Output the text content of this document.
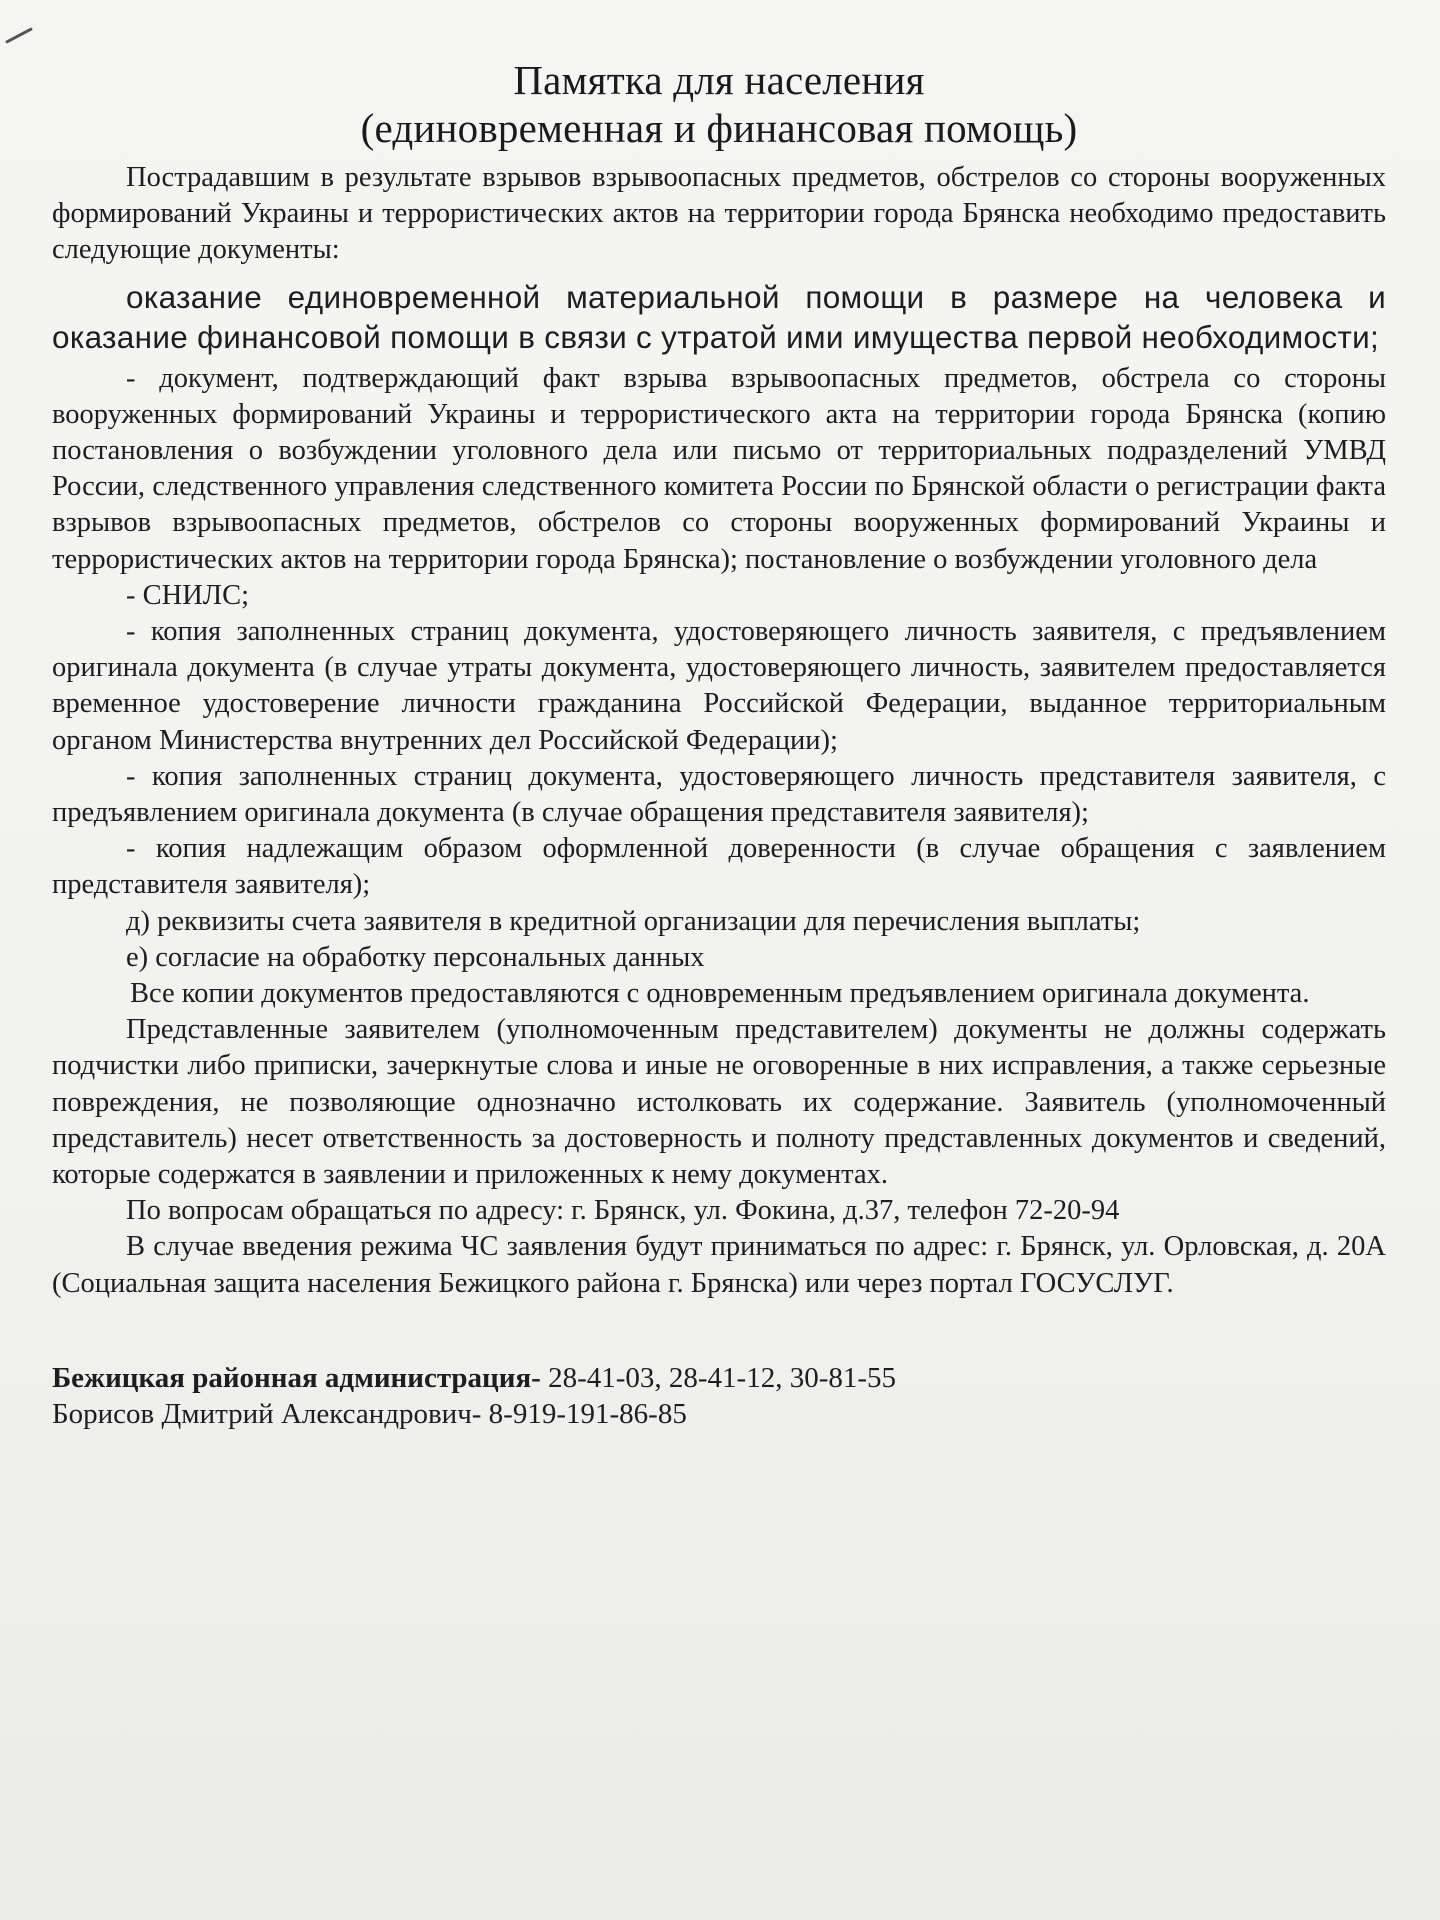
Памятка для населения
(единовременная и финансовая помощь)

Пострадавшим в результате взрывов взрывоопасных предметов, обстрелов со стороны вооруженных формирований Украины и террористических актов на территории города Брянска необходимо предоставить следующие документы:

оказание единовременной материальной помощи в размере на человека и оказание финансовой помощи в связи с утратой ими имущества первой необходимости;

- документ, подтверждающий факт взрыва взрывоопасных предметов, обстрела со стороны вооруженных формирований Украины и террористического акта на территории города Брянска (копию постановления о возбуждении уголовного дела или письмо от территориальных подразделений УМВД России, следственного управления следственного комитета России по Брянской области о регистрации факта взрывов взрывоопасных предметов, обстрелов со стороны вооруженных формирований Украины и террористических актов на территории города Брянска); постановление о возбуждении уголовного дела

- СНИЛС;

- копия заполненных страниц документа, удостоверяющего личность заявителя, с предъявлением оригинала документа (в случае утраты документа, удостоверяющего личность, заявителем предоставляется временное удостоверение личности гражданина Российской Федерации, выданное территориальным органом Министерства внутренних дел Российской Федерации);

- копия заполненных страниц документа, удостоверяющего личность представителя заявителя, с предъявлением оригинала документа (в случае обращения представителя заявителя);

- копия надлежащим образом оформленной доверенности (в случае обращения с заявлением представителя заявителя);

д) реквизиты счета заявителя в кредитной организации для перечисления выплаты;

е) согласие на обработку персональных данных

Все копии документов предоставляются с одновременным предъявлением оригинала документа.

Представленные заявителем (уполномоченным представителем) документы не должны содержать подчистки либо приписки, зачеркнутые слова и иные не оговоренные в них исправления, а также серьезные повреждения, не позволяющие однозначно истолковать их содержание. Заявитель (уполномоченный представитель) несет ответственность за достоверность и полноту представленных документов и сведений, которые содержатся в заявлении и приложенных к нему документах.

По вопросам обращаться по адресу: г. Брянск, ул. Фокина, д.37, телефон 72-20-94

В случае введения режима ЧС заявления будут приниматься по адрес: г. Брянск, ул. Орловская, д. 20А (Социальная защита населения Бежицкого района г. Брянска) или через портал ГОСУСЛУГ.

Бежицкая районная администрация- 28-41-03, 28-41-12, 30-81-55

Борисов Дмитрий Александрович- 8-919-191-86-85
